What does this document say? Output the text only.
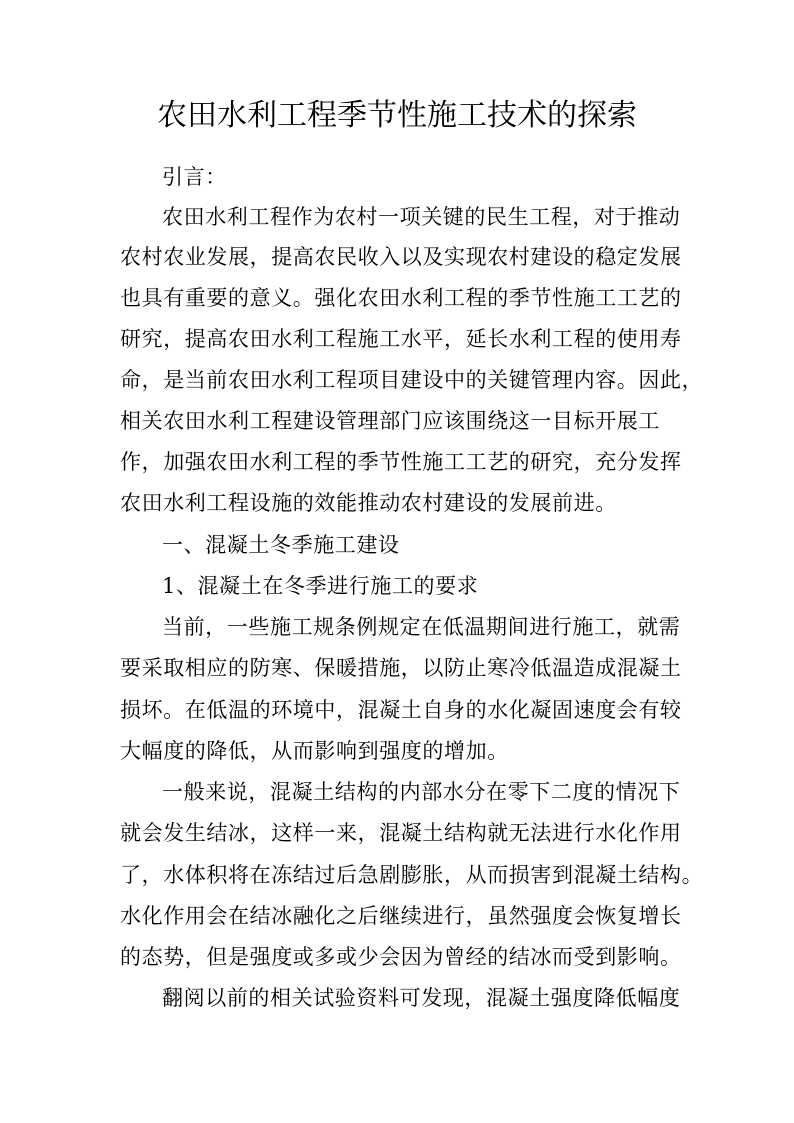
农田水利工程季节性施工技术的探索
引言：
农田水利工程作为农村一项关键的民生工程，对于推动
农村农业发展，提高农民收入以及实现农村建设的稳定发展
也具有重要的意义。强化农田水利工程的季节性施工工艺的
研究，提高农田水利工程施工水平，延长水利工程的使用寿
命，是当前农田水利工程项目建设中的关键管理内容。因此，
相关农田水利工程建设管理部门应该围绕这一目标开展工
作，加强农田水利工程的季节性施工工艺的研究，充分发挥
农田水利工程设施的效能推动农村建设的发展前进。
一、混凝土冬季施工建设
1、混凝土在冬季进行施工的要求
当前，一些施工规条例规定在低温期间进行施工，就需
要采取相应的防寒、保暖措施，以防止寒冷低温造成混凝土
损坏。在低温的环境中，混凝土自身的水化凝固速度会有较
大幅度的降低，从而影响到强度的增加。
一般来说，混凝土结构的内部水分在零下二度的情况下
就会发生结冰，这样一来，混凝土结构就无法进行水化作用
了，水体积将在冻结过后急剧膨胀，从而损害到混凝土结构。
水化作用会在结冰融化之后继续进行，虽然强度会恢复增长
的态势，但是强度或多或少会因为曾经的结冰而受到影响。
翻阅以前的相关试验资料可发现，混凝土强度降低幅度
